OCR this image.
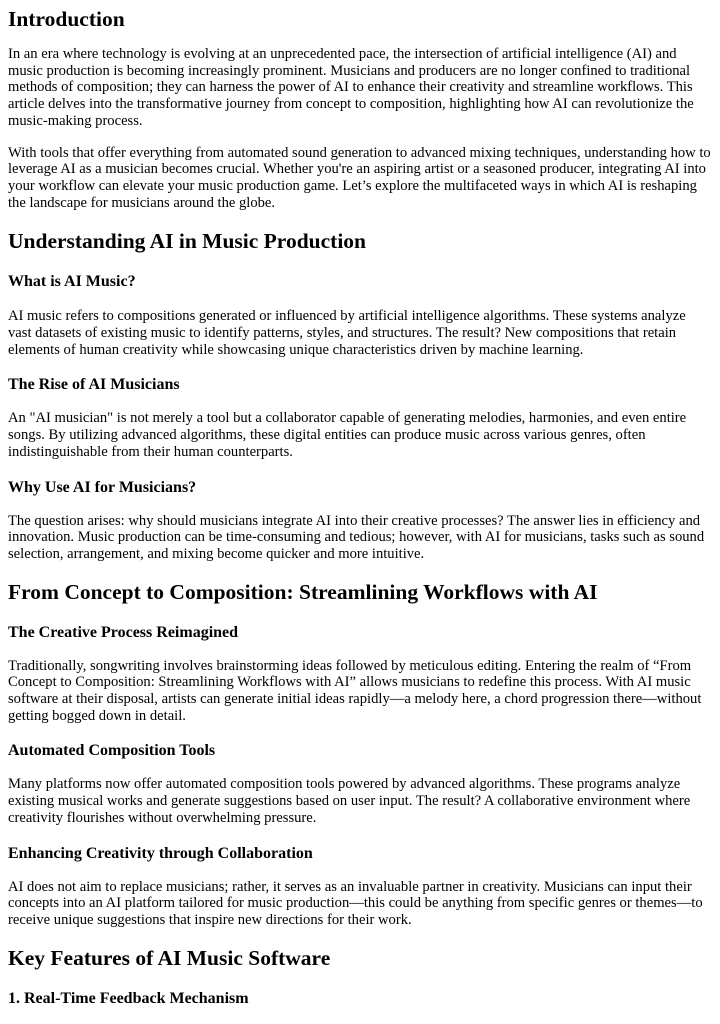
Introduction

In an era where technology is evolving at an unprecedented pace, the intersection of artificial intelligence (AI) and music production is becoming increasingly prominent. Musicians and producers are no longer confined to traditional methods of composition; they can harness the power of AI to enhance their creativity and streamline workflows. This article delves into the transformative journey from concept to composition, highlighting how AI can revolutionize the music-making process.

With tools that offer everything from automated sound generation to advanced mixing techniques, understanding how to leverage AI as a musician becomes crucial. Whether you're an aspiring artist or a seasoned producer, integrating AI into your workflow can elevate your music production game. Let’s explore the multifaceted ways in which AI is reshaping the landscape for musicians around the globe.

Understanding AI in Music Production
What is AI Music?

AI music refers to compositions generated or influenced by artificial intelligence algorithms. These systems analyze vast datasets of existing music to identify patterns, styles, and structures. The result? New compositions that retain elements of human creativity while showcasing unique characteristics driven by machine learning.

The Rise of AI Musicians

An "AI musician" is not merely a tool but a collaborator capable of generating melodies, harmonies, and even entire songs. By utilizing advanced algorithms, these digital entities can produce music across various genres, often indistinguishable from their human counterparts.

Why Use AI for Musicians?

The question arises: why should musicians integrate AI into their creative processes? The answer lies in efficiency and innovation. Music production can be time-consuming and tedious; however, with AI for musicians, tasks such as sound selection, arrangement, and mixing become quicker and more intuitive.

From Concept to Composition: Streamlining Workflows with AI
The Creative Process Reimagined

Traditionally, songwriting involves brainstorming ideas followed by meticulous editing. Entering the realm of “From Concept to Composition: Streamlining Workflows with AI” allows musicians to redefine this process. With AI music software at their disposal, artists can generate initial ideas rapidly—a melody here, a chord progression there—without getting bogged down in detail.

Automated Composition Tools

Many platforms now offer automated composition tools powered by advanced algorithms. These programs analyze existing musical works and generate suggestions based on user input. The result? A collaborative environment where creativity flourishes without overwhelming pressure.

Enhancing Creativity through Collaboration

AI does not aim to replace musicians; rather, it serves as an invaluable partner in creativity. Musicians can input their concepts into an AI platform tailored for music production—this could be anything from specific genres or themes—to receive unique suggestions that inspire new directions for their work.

Key Features of AI Music Software
1. Real-Time Feedback Mechanism
